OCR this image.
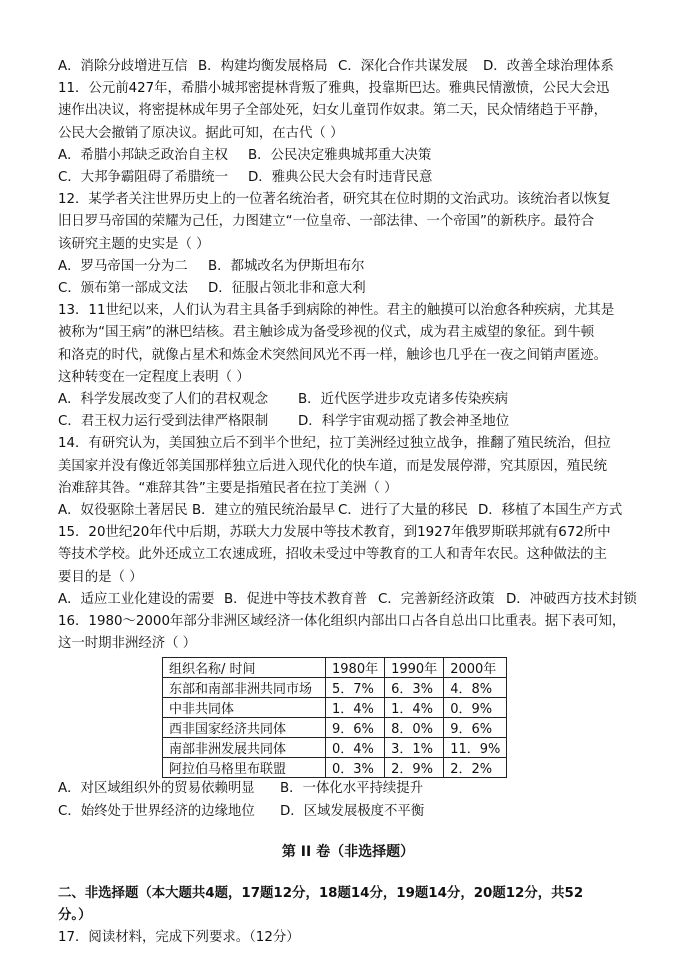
A．消除分歧增进互信 B．构建均衡发展格局 C．深化合作共谋发展 D．改善全球治理体系
11．公元前427年，希腊小城邦密提林背叛了雅典，投靠斯巴达。雅典民情激愤，公民大会迅
速作出决议，将密提林成年男子全部处死，妇女儿童罚作奴隶。第二天，民众情绪趋于平静，
公民大会撤销了原决议。据此可知，在古代（ ）
A．希腊小邦缺乏政治自主权 B．公民决定雅典城邦重大决策
C．大邦争霸阻碍了希腊统一 D．雅典公民大会有时违背民意
12．某学者关注世界历史上的一位著名统治者，研究其在位时期的文治武功。该统治者以恢复
旧日罗马帝国的荣耀为己任，力图建立“一位皇帝、一部法律、一个帝国”的新秩序。最符合
该研究主题的史实是（ ）
A．罗马帝国一分为二 B．都城改名为伊斯坦布尔
C．颁布第一部成文法 D．征服占领北非和意大利
13．11世纪以来，人们认为君主具备手到病除的神性。君主的触摸可以治愈各种疾病，尤其是
被称为“国王病”的淋巴结核。君主触诊成为备受珍视的仪式，成为君主威望的象征。到牛顿
和洛克的时代，就像占星术和炼金术突然间风光不再一样，触诊也几乎在一夜之间销声匿迹。
这种转变在一定程度上表明（ ）
A．科学发展改变了人们的君权观念 B．近代医学进步攻克诸多传染疾病
C．君王权力运行受到法律严格限制 D．科学宇宙观动摇了教会神圣地位
14．有研究认为，美国独立后不到半个世纪，拉丁美洲经过独立战争，推翻了殖民统治，但拉
美国家并没有像近邻美国那样独立后进入现代化的快车道，而是发展停滞，究其原因，殖民统
治难辞其咎。“难辞其咎”主要是指殖民者在拉丁美洲（ ）
A．奴役驱除土著居民 B．建立的殖民统治最早 C．进行了大量的移民 D．移植了本国生产方式
15．20世纪20年代中后期，苏联大力发展中等技术教育，到1927年俄罗斯联邦就有672所中
等技术学校。此外还成立工农速成班，招收未受过中等教育的工人和青年农民。这种做法的主
要目的是（ ）
A．适应工业化建设的需要 B．促进中等技术教育普 C．完善新经济政策 D．冲破西方技术封锁
16．1980～2000年部分非洲区域经济一体化组织内部出口占各自总出口比重表。据下表可知，
这一时期非洲经济（ ）
组织名称/ 时间	1980年	1990年	2000年
东部和南部非洲共同市场	5．7%	6．3%	4．8%
中非共同体	1．4%	1．4%	0．9%
西非国家经济共同体	9．6%	8．0%	9．6%
南部非洲发展共同体	0．4%	3．1%	11．9%
阿拉伯马格里布联盟	0．3%	2．9%	2．2%
A．对区域组织外的贸易依赖明显 B．一体化水平持续提升
C．始终处于世界经济的边缘地位 D．区域发展极度不平衡
第 II 卷（非选择题）
二、非选择题（本大题共4题，17题12分，18题14分，19题14分，20题12分，共52
分。）
17．阅读材料，完成下列要求。（12分）
